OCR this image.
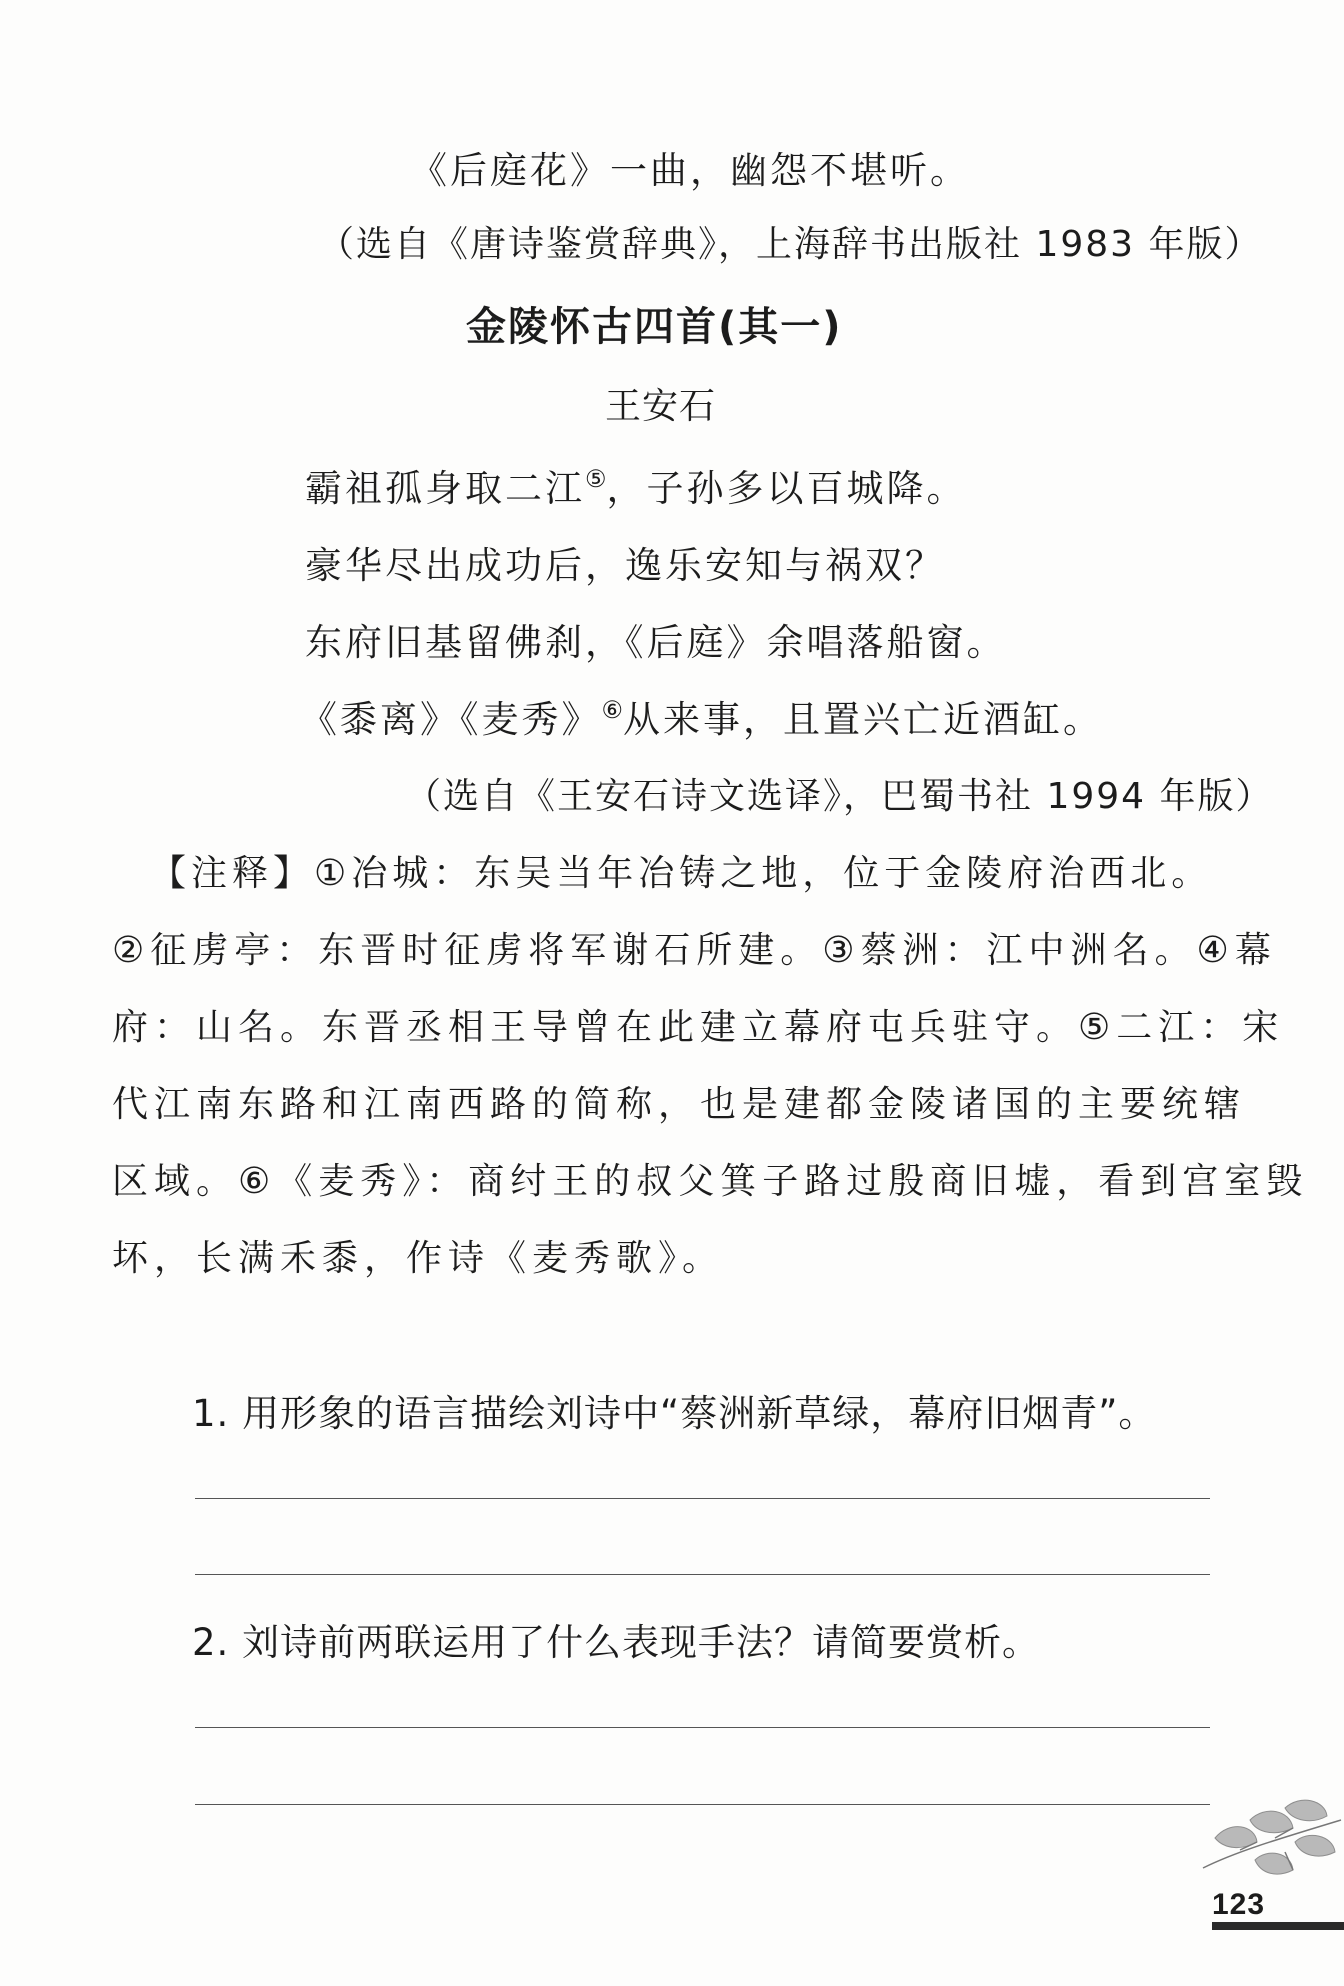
《后庭花》一曲，幽怨不堪听。
（选自《唐诗鉴赏辞典》，上海辞书出版社 1983 年版）
金陵怀古四首(其一)
王安石
霸祖孤身取二江⑤，子孙多以百城降。
豪华尽出成功后，逸乐安知与祸双？
东府旧基留佛刹，《后庭》余唱落船窗。
《黍离》《麦秀》⑥从来事，且置兴亡近酒缸。
（选自《王安石诗文选译》，巴蜀书社 1994 年版）
【注释】①冶城：东吴当年冶铸之地，位于金陵府治西北。
②征虏亭：东晋时征虏将军谢石所建。③蔡洲：江中洲名。④幕
府：山名。东晋丞相王导曾在此建立幕府屯兵驻守。⑤二江：宋
代江南东路和江南西路的简称，也是建都金陵诸国的主要统辖
区域。⑥《麦秀》：商纣王的叔父箕子路过殷商旧墟，看到宫室毁
坏，长满禾黍，作诗《麦秀歌》。
1. 用形象的语言描绘刘诗中“蔡洲新草绿，幕府旧烟青”。
2. 刘诗前两联运用了什么表现手法？请简要赏析。
123
